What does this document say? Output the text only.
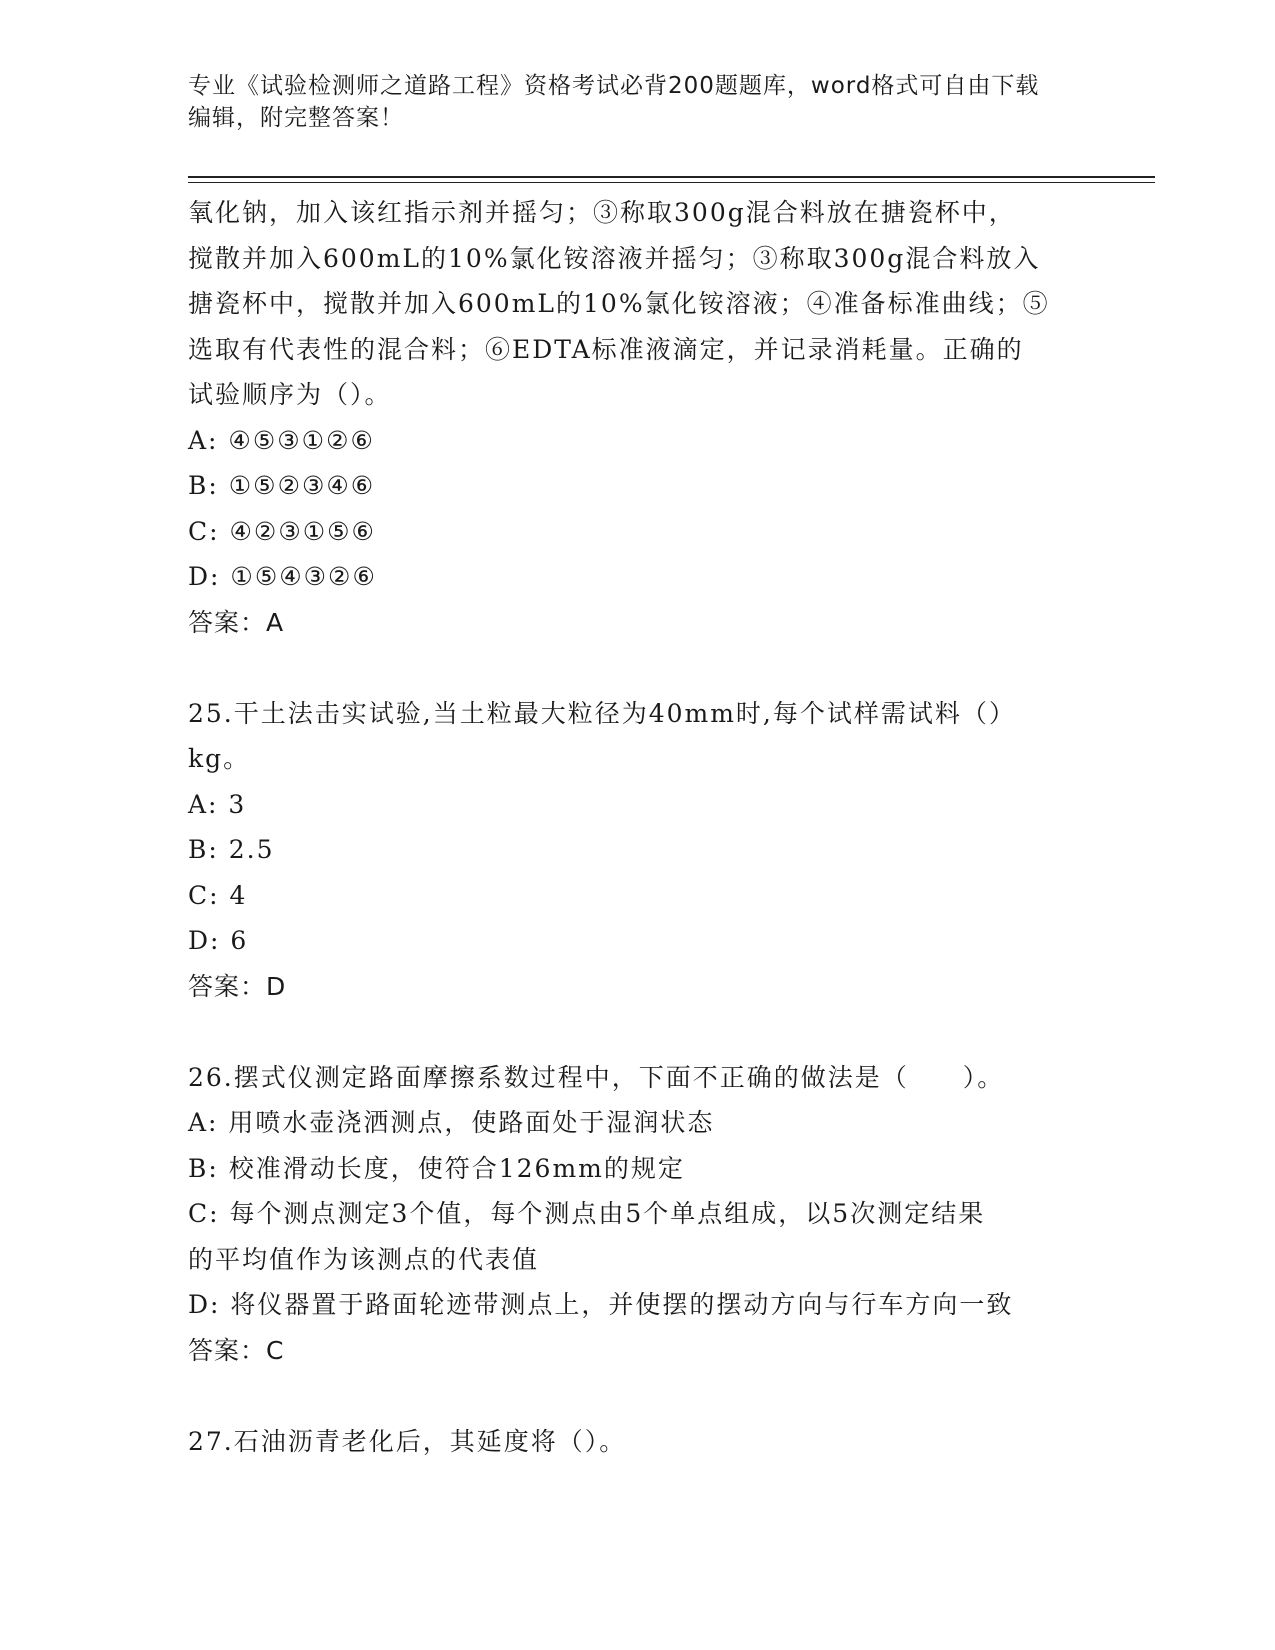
专业《试验检测师之道路工程》资格考试必背200题题库，word格式可自由下载
编辑，附完整答案！
氧化钠，加入该红指示剂并摇匀；③称取300g混合料放在搪瓷杯中，
搅散并加入600mL的10%氯化铵溶液并摇匀；③称取300g混合料放入
搪瓷杯中，搅散并加入600mL的10%氯化铵溶液；④准备标准曲线；⑤
选取有代表性的混合料；⑥EDTA标准液滴定，并记录消耗量。正确的
试验顺序为（）。
A: ④⑤③①②⑥
B: ①⑤②③④⑥
C: ④②③①⑤⑥
D: ①⑤④③②⑥
答案：A
25.干土法击实试验,当土粒最大粒径为40mm时,每个试样需试料（）
kg。
A: 3
B: 2.5
C: 4
D: 6
答案：D
26.摆式仪测定路面摩擦系数过程中，下面不正确的做法是（　　）。
A: 用喷水壶浇洒测点，使路面处于湿润状态
B: 校准滑动长度，使符合126mm的规定
C: 每个测点测定3个值，每个测点由5个单点组成，以5次测定结果
的平均值作为该测点的代表值
D: 将仪器置于路面轮迹带测点上，并使摆的摆动方向与行车方向一致
答案：C
27.石油沥青老化后，其延度将（）。
